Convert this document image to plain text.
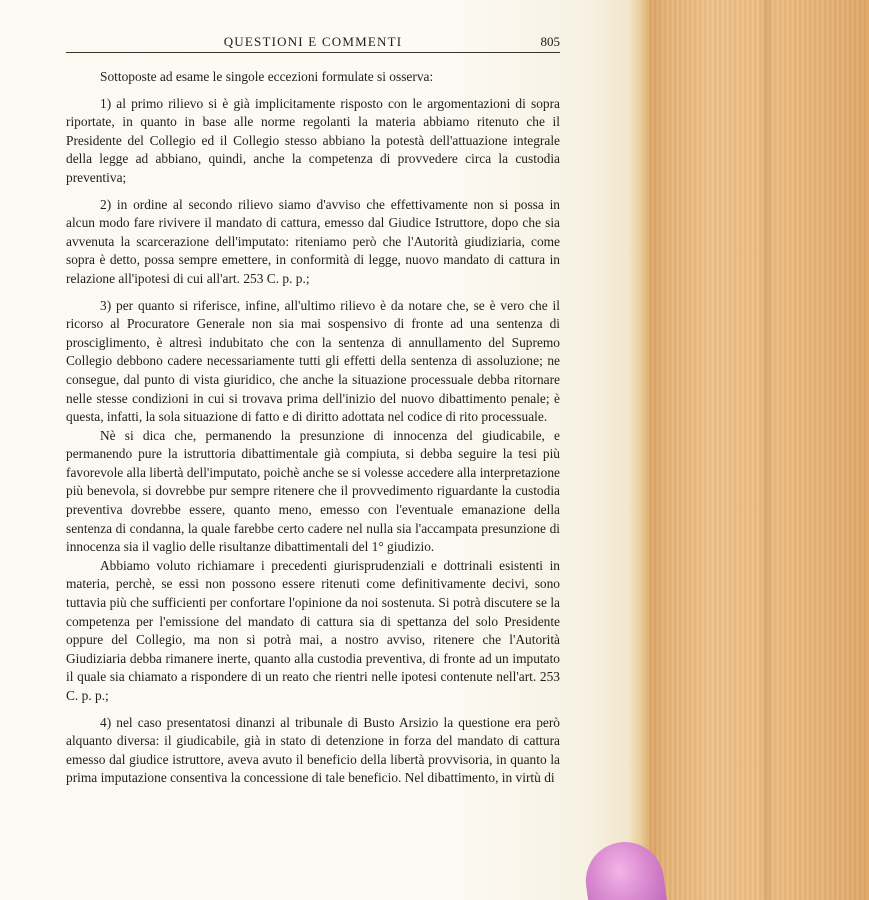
QUESTIONI E COMMENTI	805

Sottoposte ad esame le singole eccezioni formulate si osserva:

1) al primo rilievo si è già implicitamente risposto con le argomentazioni di sopra riportate, in quanto in base alle norme regolanti la materia abbiamo ritenuto che il Presidente del Collegio ed il Collegio stesso abbiano la potestà dell'attuazione integrale della legge ad abbiano, quindi, anche la competenza di provvedere circa la custodia preventiva;

2) in ordine al secondo rilievo siamo d'avviso che effettivamente non si possa in alcun modo fare rivivere il mandato di cattura, emesso dal Giudice Istruttore, dopo che sia avvenuta la scarcerazione dell'imputato: riteniamo però che l'Autorità giudiziaria, come sopra è detto, possa sempre emettere, in conformità di legge, nuovo mandato di cattura in relazione all'ipotesi di cui all'art. 253 C. p. p.;

3) per quanto si riferisce, infine, all'ultimo rilievo è da notare che, se è vero che il ricorso al Procuratore Generale non sia mai sospensivo di fronte ad una sentenza di prosciglimento, è altresì indubitato che con la sentenza di annullamento del Supremo Collegio debbono cadere necessariamente tutti gli effetti della sentenza di assoluzione; ne consegue, dal punto di vista giuridico, che anche la situazione processuale debba ritornare nelle stesse condizioni in cui si trovava prima dell'inizio del nuovo dibattimento penale; è questa, infatti, la sola situazione di fatto e di diritto adottata nel codice di rito processuale.

Nè si dica che, permanendo la presunzione di innocenza del giudicabile, e permanendo pure la istruttoria dibattimentale già compiuta, si debba seguire la tesi più favorevole alla libertà dell'imputato, poichè anche se si volesse accedere alla interpretazione più benevola, si dovrebbe pur sempre ritenere che il provvedimento riguardante la custodia preventiva dovrebbe essere, quanto meno, emesso con l'eventuale emanazione della sentenza di condanna, la quale farebbe certo cadere nel nulla sia l'accampata presunzione di innocenza sia il vaglio delle risultanze dibattimentali del 1° giudizio.

Abbiamo voluto richiamare i precedenti giurisprudenziali e dottrinali esistenti in materia, perchè, se essi non possono essere ritenuti come definitivamente decivi, sono tuttavia più che sufficienti per confortare l'opinione da noi sostenuta. Si potrà discutere se la competenza per l'emissione del mandato di cattura sia di spettanza del solo Presidente oppure del Collegio, ma non si potrà mai, a nostro avviso, ritenere che l'Autorità Giudiziaria debba rimanere inerte, quanto alla custodia preventiva, di fronte ad un imputato il quale sia chiamato a rispondere di un reato che rientri nelle ipotesi contenute nell'art. 253 C. p. p.;

4) nel caso presentatosi dinanzi al tribunale di Busto Arsizio la questione era però alquanto diversa: il giudicabile, già in stato di detenzione in forza del mandato di cattura emesso dal giudice istruttore, aveva avuto il beneficio della libertà provvisoria, in quanto la prima imputazione consentiva la concessione di tale beneficio. Nel dibattimento, in virtù di
